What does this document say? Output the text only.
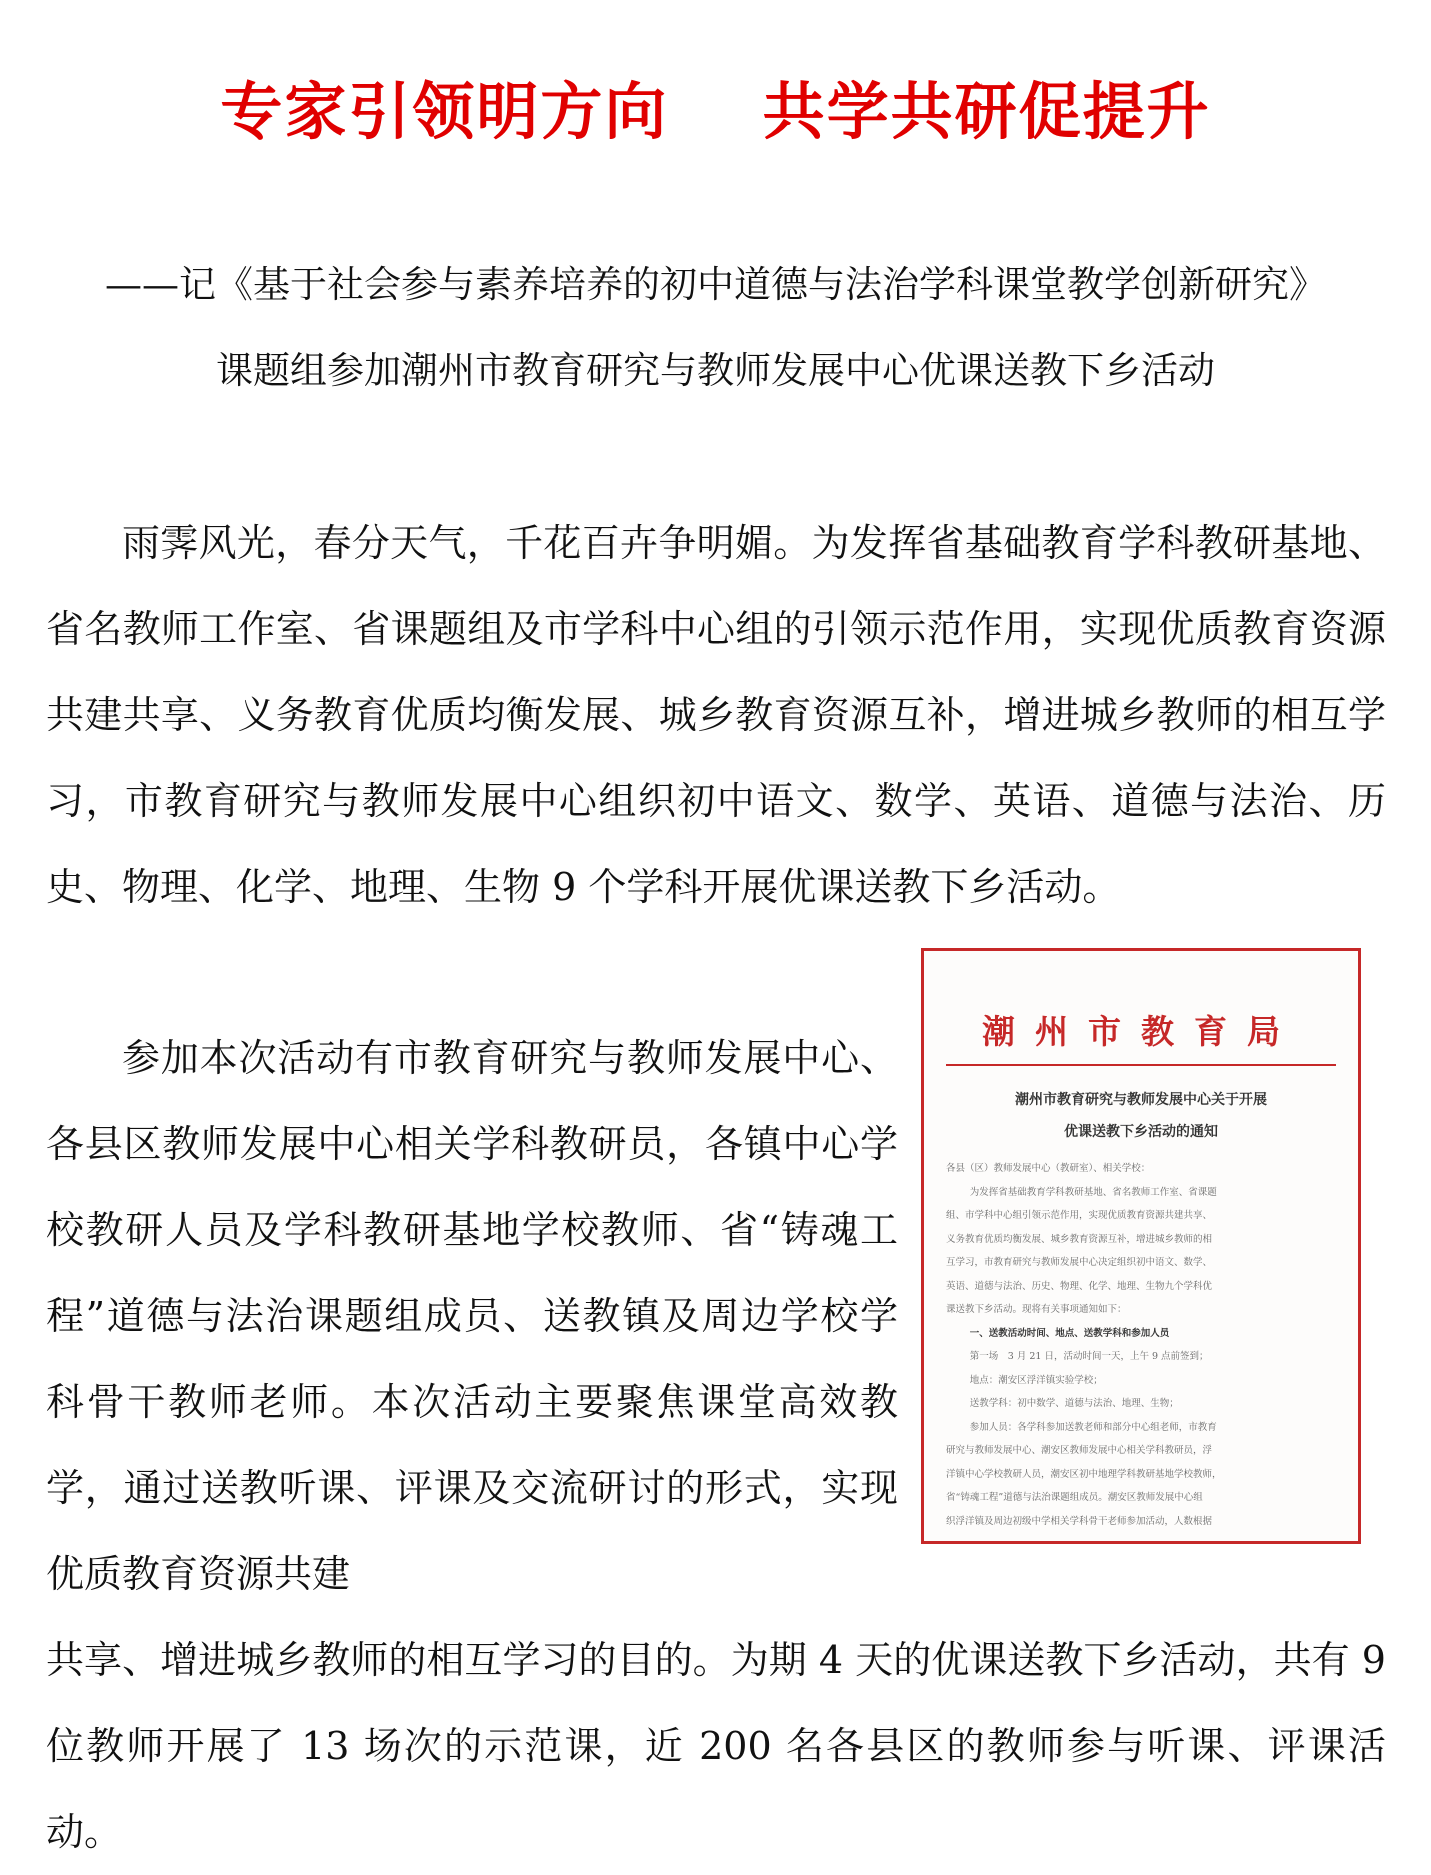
专家引领明方向    共学共研促提升

——记《基于社会参与素养培养的初中道德与法治学科课堂教学创新研究》

课题组参加潮州市教育研究与教师发展中心优课送教下乡活动

雨霁风光，春分天气，千花百卉争明媚。为发挥省基础教育学科教研基地、省名教师工作室、省课题组及市学科中心组的引领示范作用，实现优质教育资源共建共享、义务教育优质均衡发展、城乡教育资源互补，增进城乡教师的相互学习，市教育研究与教师发展中心组织初中语文、数学、英语、道德与法治、历史、物理、化学、地理、生物 9 个学科开展优课送教下乡活动。

参加本次活动有市教育研究与教师发展中心、各县区教师发展中心相关学科教研员，各镇中心学校教研人员及学科教研基地学校教师、省“铸魂工程”道德与法治课题组成员、送教镇及周边学校学科骨干教师老师。本次活动主要聚焦课堂高效教学，通过送教听课、评课及交流研讨的形式，实现优质教育资源共建

共享、增进城乡教师的相互学习的目的。为期 4 天的优课送教下乡活动，共有 9 位教师开展了 13 场次的示范课，近 200 名各县区的教师参与听课、评课活动。

潮州市教育局
潮州市教育研究与教师发展中心关于开展
优课送教下乡活动的通知

各县（区）教师发展中心（教研室）、相关学校：

为发挥省基础教育学科教研基地、省名教师工作室、省课题

组、市学科中心组引领示范作用，实现优质教育资源共建共享、

义务教育优质均衡发展、城乡教育资源互补，增进城乡教师的相

互学习，市教育研究与教师发展中心决定组织初中语文、数学、

英语、道德与法治、历史、物理、化学、地理、生物九个学科优

课送教下乡活动。现将有关事项通知如下：

一、送教活动时间、地点、送教学科和参加人员

第一场　3 月 21 日，活动时间一天，上午 9 点前签到；

地点：潮安区浮洋镇实验学校；

送教学科：初中数学、道德与法治、地理、生物；

参加人员：各学科参加送教老师和部分中心组老师，市教育

研究与教师发展中心、潮安区教师发展中心相关学科教研员，浮

洋镇中心学校教研人员，潮安区初中地理学科教研基地学校教师，

省“铸魂工程”道德与法治课题组成员。潮安区教师发展中心组

织浮洋镇及周边初级中学相关学科骨干老师参加活动，人数根据
